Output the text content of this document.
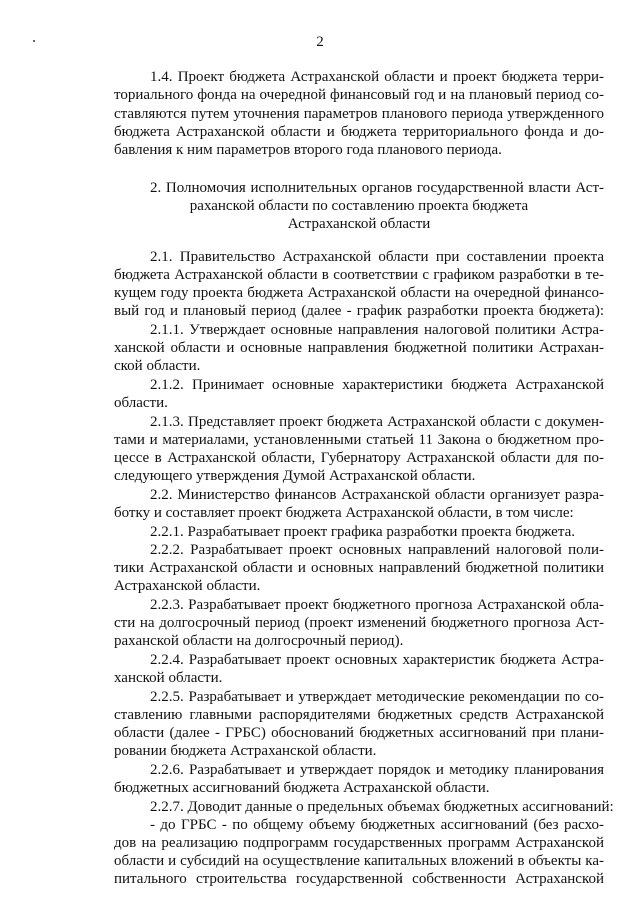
2
1.4. Проект бюджета Астраханской области и проект бюджета терри-
ториального фонда на очередной финансовый год и на плановый период со-
ставляются путем уточнения параметров планового периода утвержденного
бюджета Астраханской области и бюджета территориального фонда и до-
бавления к ним параметров второго года планового периода.
2. Полномочия исполнительных органов государственной власти Аст-
раханской области по составлению проекта бюджета
Астраханской области
2.1. Правительство Астраханской области при составлении проекта
бюджета Астраханской области в соответствии с графиком разработки в те-
кущем году проекта бюджета Астраханской области на очередной финансо-
вый год и плановый период (далее - график разработки проекта бюджета):
2.1.1. Утверждает основные направления налоговой политики Астра-
ханской области и основные направления бюджетной политики Астрахан-
ской области.
2.1.2. Принимает основные характеристики бюджета Астраханской
области.
2.1.3. Представляет проект бюджета Астраханской области с докумен-
тами и материалами, установленными статьей 11 Закона о бюджетном про-
цессе в Астраханской области, Губернатору Астраханской области для по-
следующего утверждения Думой Астраханской области.
2.2. Министерство финансов Астраханской области организует разра-
ботку и составляет проект бюджета Астраханской области, в том числе:
2.2.1. Разрабатывает проект графика разработки проекта бюджета.
2.2.2. Разрабатывает проект основных направлений налоговой поли-
тики Астраханской области и основных направлений бюджетной политики
Астраханской области.
2.2.3. Разрабатывает проект бюджетного прогноза Астраханской обла-
сти на долгосрочный период (проект изменений бюджетного прогноза Аст-
раханской области на долгосрочный период).
2.2.4. Разрабатывает проект основных характеристик бюджета Астра-
ханской области.
2.2.5. Разрабатывает и утверждает методические рекомендации по со-
ставлению главными распорядителями бюджетных средств Астраханской
области (далее - ГРБС) обоснований бюджетных ассигнований при плани-
ровании бюджета Астраханской области.
2.2.6. Разрабатывает и утверждает порядок и методику планирования
бюджетных ассигнований бюджета Астраханской области.
2.2.7. Доводит данные о предельных объемах бюджетных ассигнований:
- до ГРБС - по общему объему бюджетных ассигнований (без расхо-
дов на реализацию подпрограмм государственных программ Астраханской
области и субсидий на осуществление капитальных вложений в объекты ка-
питального строительства государственной собственности Астраханской
